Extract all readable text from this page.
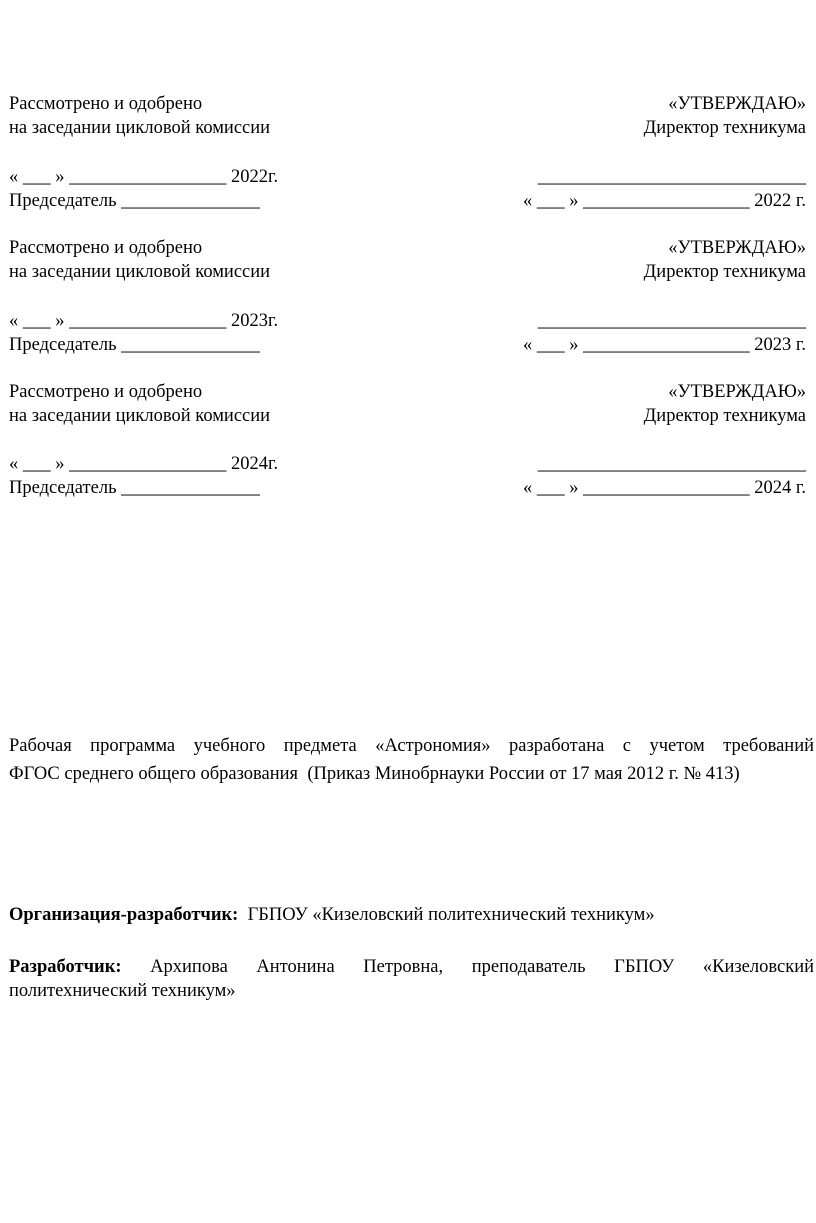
Рассмотрено и одобрено
на заседании цикловой комиссии
« ___ » _________________ 2022г.
Председатель _______________
«УТВЕРЖДАЮ»
Директор техникума
_____________________________
« ___ » __________________ 2022 г.
Рассмотрено и одобрено
на заседании цикловой комиссии
« ___ » _________________ 2023г.
Председатель _______________
«УТВЕРЖДАЮ»
Директор техникума
_____________________________
« ___ » __________________ 2023 г.
Рассмотрено и одобрено
на заседании цикловой комиссии
« ___ » _________________ 2024г.
Председатель _______________
«УТВЕРЖДАЮ»
Директор техникума
_____________________________
« ___ » __________________ 2024 г.
Рабочая программа учебного предмета «Астрономия» разработана с учетом требований
ФГОС среднего общего образования  (Приказ Минобрнауки России от 17 мая 2012 г. № 413)
Организация-разработчик: ГБПОУ «Кизеловский политехнический техникум»
Разработчик: Архипова Антонина Петровна, преподаватель ГБПОУ «Кизеловский
политехнический техникум»
